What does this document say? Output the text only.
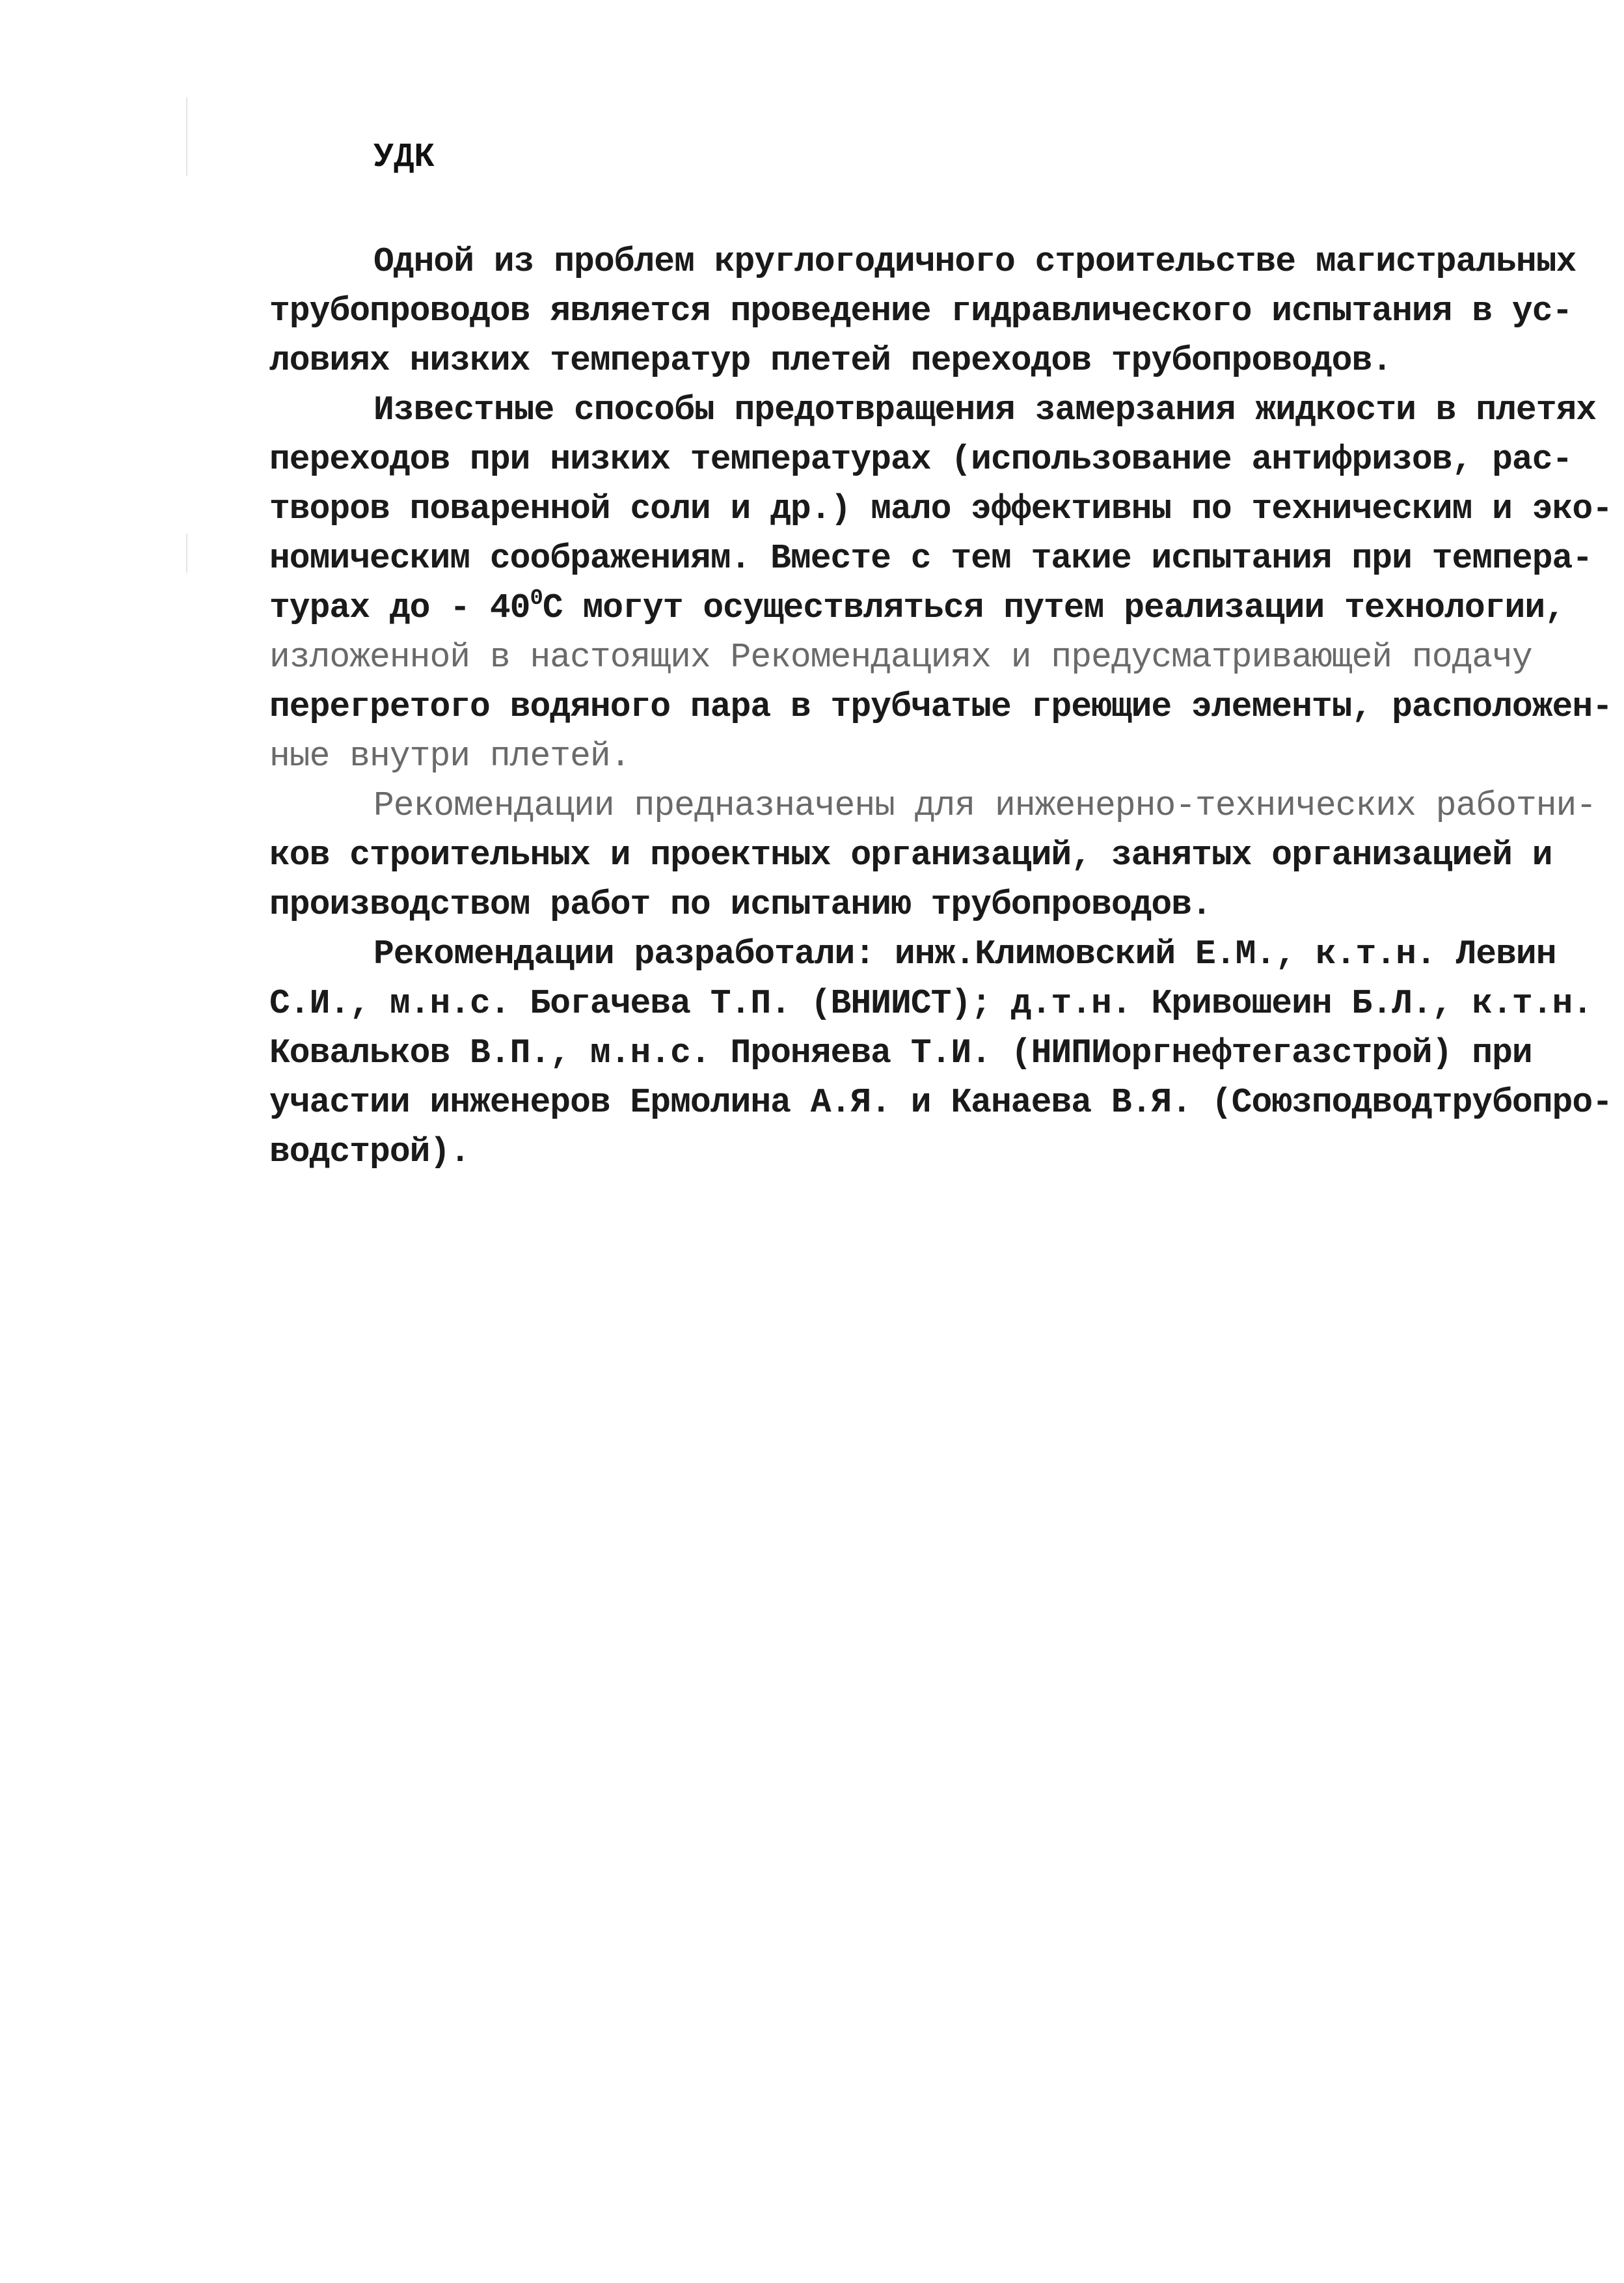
УДК
Одной из проблем круглогодичного строительстве магистральных
трубопроводов является проведение гидравлического испытания в ус-
ловиях низких температур плетей переходов трубопроводов.
Известные способы предотвращения замерзания жидкости в плетях
переходов при низких температурах (использование антифризов, рас-
творов поваренной соли и др.) мало эффективны по техническим и эко-
номическим соображениям. Вместе с тем такие испытания при темпера-
турах до - $40^0С$ могут осуществляться путем реализации технологии,
изложенной в настоящих Рекомендациях и предусматривающей подачу
перегретого водяного пара в трубчатые греющие элементы, расположен-
ные внутри плетей.
Рекомендации предназначены для инженерно-технических работни-
ков строительных и проектных организаций, занятых организацией и
производством работ по испытанию трубопроводов.
Рекомендации разработали: инж.Климовский Е.М., к.т.н. Левин
С.И., м.н.с. Богачева Т.П. (ВНИИСТ); д.т.н. Кривошеин Б.Л., к.т.н.
Ковальков В.П., м.н.с. Проняева Т.И. (НИПИоргнефтегазстрой) при
участии инженеров Ермолина А.Я. и Канаева В.Я. (Союзподводтрубопро-
водстрой).
